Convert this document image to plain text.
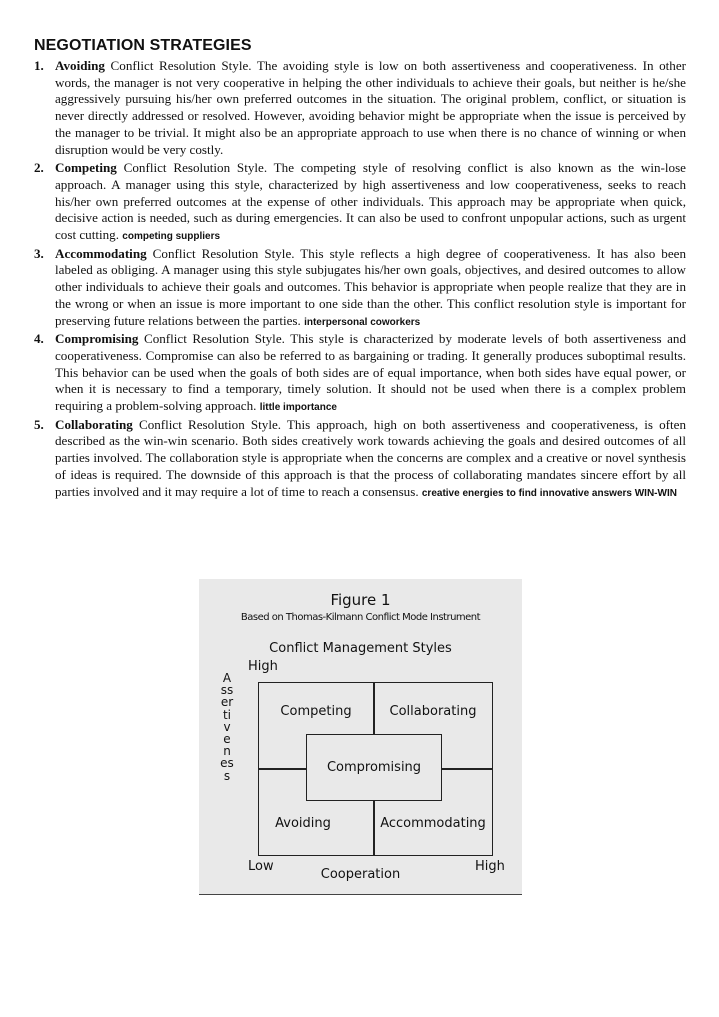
NEGOTIATION STRATEGIES
1. Avoiding Conflict Resolution Style. The avoiding style is low on both assertiveness and cooperativeness. In other words, the manager is not very cooperative in helping the other individuals to achieve their goals, but neither is he/she aggressively pursuing his/her own preferred outcomes in the situation. The original problem, conflict, or situation is never directly addressed or resolved. However, avoiding behavior might be appropriate when the issue is perceived by the manager to be trivial. It might also be an appropriate approach to use when there is no chance of winning or when disruption would be very costly.
2. Competing Conflict Resolution Style. The competing style of resolving conflict is also known as the win-lose approach. A manager using this style, characterized by high assertiveness and low cooperativeness, seeks to reach his/her own preferred outcomes at the expense of other individuals. This approach may be appropriate when quick, decisive action is needed, such as during emergencies. It can also be used to confront unpopular actions, such as urgent cost cutting. competing suppliers
3. Accommodating Conflict Resolution Style. This style reflects a high degree of cooperativeness. It has also been labeled as obliging. A manager using this style subjugates his/her own goals, objectives, and desired outcomes to allow other individuals to achieve their goals and outcomes. This behavior is appropriate when people realize that they are in the wrong or when an issue is more important to one side than the other. This conflict resolution style is important for preserving future relations between the parties. interpersonal coworkers
4. Compromising Conflict Resolution Style. This style is characterized by moderate levels of both assertiveness and cooperativeness. Compromise can also be referred to as bargaining or trading. It generally produces suboptimal results. This behavior can be used when the goals of both sides are of equal importance, when both sides have equal power, or when it is necessary to find a temporary, timely solution. It should not be used when there is a complex problem requiring a problem-solving approach. little importance
5. Collaborating Conflict Resolution Style. This approach, high on both assertiveness and cooperativeness, is often described as the win-win scenario. Both sides creatively work towards achieving the goals and desired outcomes of all parties involved. The collaboration style is appropriate when the concerns are complex and a creative or novel synthesis of ideas is required. The downside of this approach is that the process of collaborating mandates sincere effort by all parties involved and it may require a lot of time to reach a consensus. creative energies to find innovative answers WIN-WIN
Figure 1
Based on Thomas-Kilmann Conflict Mode Instrument
Conflict Management Styles
High
Assertiveness
Competing	Collaborating
Avoiding	Accommodating
Compromising
Low
Cooperation
High
